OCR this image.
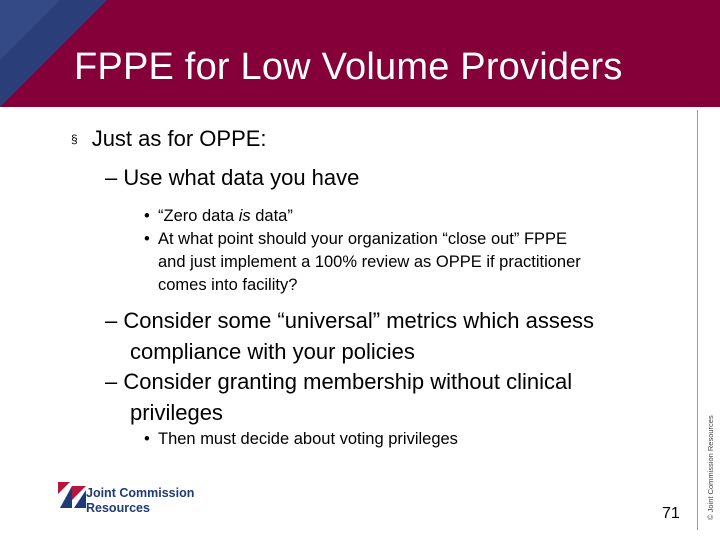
FPPE for Low Volume Providers
§ Just as for OPPE:
– Use what data you have
• “Zero data is data”
• At what point should your organization “close out” FPPE
and just implement a 100% review as OPPE if practitioner
comes into facility?
– Consider some “universal” metrics which assess
compliance with your policies
– Consider granting membership without clinical
privileges
• Then must decide about voting privileges	© Joint Commission Resources
Joint Commission
Resources	71
